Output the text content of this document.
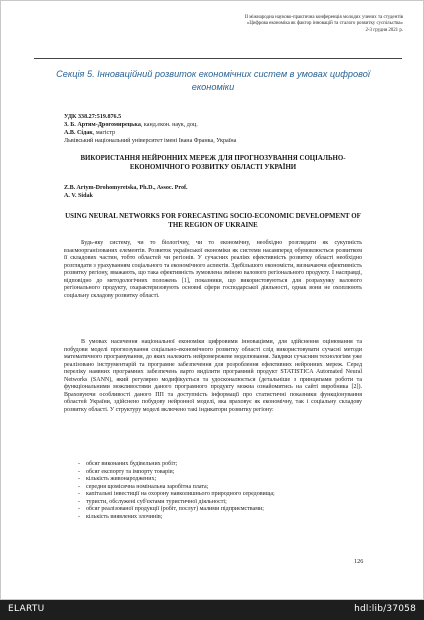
ІІ міжнародна науково-практична конференція молодих учених та студентів
«Цифрова економіка як фактор інновацій та сталого розвитку суспільства»
2-3 грудня 2021 р.
Секція 5. Інноваційний розвиток економічних систем в умовах цифрової економіки
УДК 338.27:519.876.5
З. Б. Артим-Дрогомирецька, канд.екон. наук, доц.
А.В. Сідак, магістр
Львівський національний університет імені Івана Франка, Україна
ВИКОРИСТАННЯ НЕЙРОННИХ МЕРЕЖ ДЛЯ ПРОГНОЗУВАННЯ СОЦІАЛЬНО-ЕКОНОМІЧНОГО РОЗВИТКУ ОБЛАСТІ УКРАЇНИ
Z.B. Artym-Drohomyretska, Ph.D., Assoc. Prof.
A. V. Sidak
USING NEURAL NETWORKS FOR FORECASTING SOCIO-ECONOMIC DEVELOPMENT OF THE REGION OF UKRAINE

Будь-яку систему, чи то біологічну, чи то економічну, необхідно розглядати як сукупність взаємоорганізованих елементів. Розвиток української економіки як системи насамперед обумовлюється розвитком її складових частин, тобто областей чи регіонів. У сучасних реаліях ефективність розвитку області необхідно розглядати з урахуванням соціального та економічного аспектів. Здебільшого економісти, визначаючи ефективність розвитку регіону, вважають, що така ефективність зумовлена зміною валового регіонального продукту. І насправді, відповідно до методологічних положень [1], показники, що використовуються для розрахунку валового регіонального продукту, охарактеризовують основні сфери господарської діяльності, однак вони не охоплюють соціальну складову розвитку області.

В умовах насичення національної економіки цифровими інноваціями, для здійснення оцінювання та побудови моделі прогнозування соціально-економічного розвитку області слід використовувати сучасні методи математичного програмування, до яких належить нейромережеве моделювання. Завдяки сучасним технологіям уже реалізовано інструментарій та програмне забезпечення для розроблення ефективних нейронних мереж. Серед переліку наявних програмних забезпечень варто виділити програмний продукт STATISTICA Automated Neural Networks (SANN), який регулярно модифікується та удосконалюється (детальніше з принципами роботи та функціональними можливостями даного програмного продукту можна ознайомитись на сайті виробника [2]). Враховуючи особливості даного ПП та доступність інформації про статистичні показники функціонування областей України, здійснено побудову нейронної моделі, яка враховує як економічну, так і соціальну складову розвитку області. У структуру моделі включено такі індикатори розвитку регіону:

-	обсяг виконаних будівельних робіт;
-	обсяг експорту та імпорту товарів;
-	кількість живонароджених;
-	середня щомісячна номінальна заробітна плата;
-	капітальні інвестиції на охорону навколишнього природного середовища;
-	туристи, обслужені суб'єктами туристичної діяльності;
-	обсяг реалізованої продукції (робіт, послуг) малими підприємствами;
-	кількість виявлених злочинів;
126
ELARTU	hdl:lib/37058
